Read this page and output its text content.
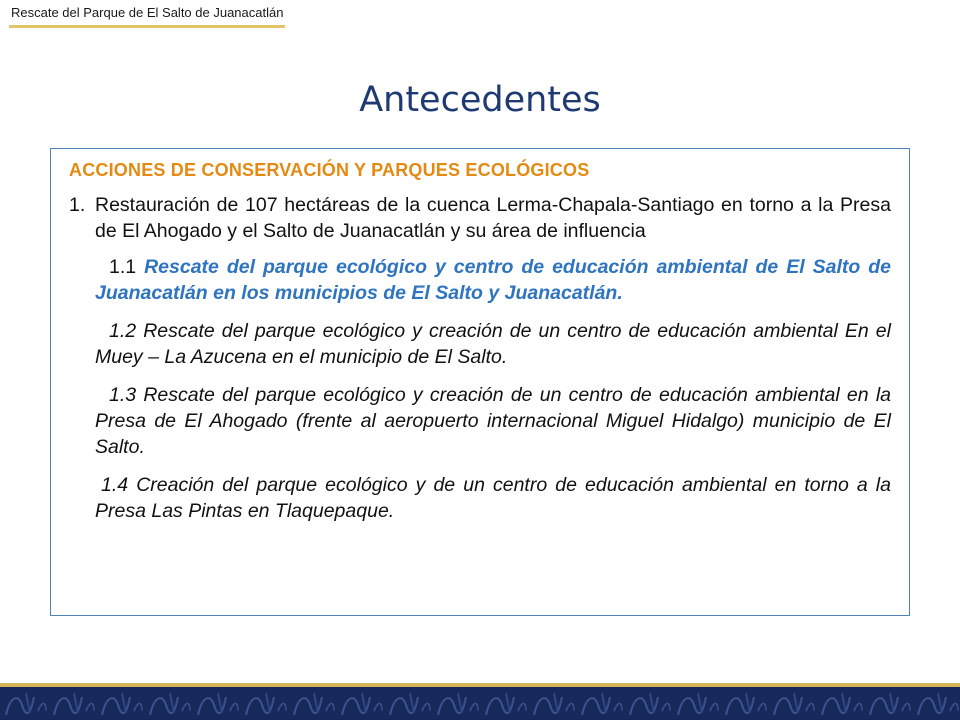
Rescate del Parque de El Salto de Juanacatlán
Antecedentes
ACCIONES DE CONSERVACIÓN Y PARQUES ECOLÓGICOS
1. Restauración de 107 hectáreas de la cuenca Lerma-Chapala-Santiago en torno a la Presa de El Ahogado y el Salto de Juanacatlán y su área de influencia
1.1 Rescate del parque ecológico y centro de educación ambiental de El Salto de Juanacatlán en los municipios de El Salto y Juanacatlán.
1.2 Rescate del parque ecológico y creación de un centro de educación ambiental En el Muey – La Azucena en el municipio de El Salto.
1.3 Rescate del parque ecológico y creación de un centro de educación ambiental en la Presa de El Ahogado (frente al aeropuerto internacional Miguel Hidalgo) municipio de El Salto.
1.4 Creación del parque ecológico y de un centro de educación ambiental en torno a la Presa Las Pintas en Tlaquepaque.
